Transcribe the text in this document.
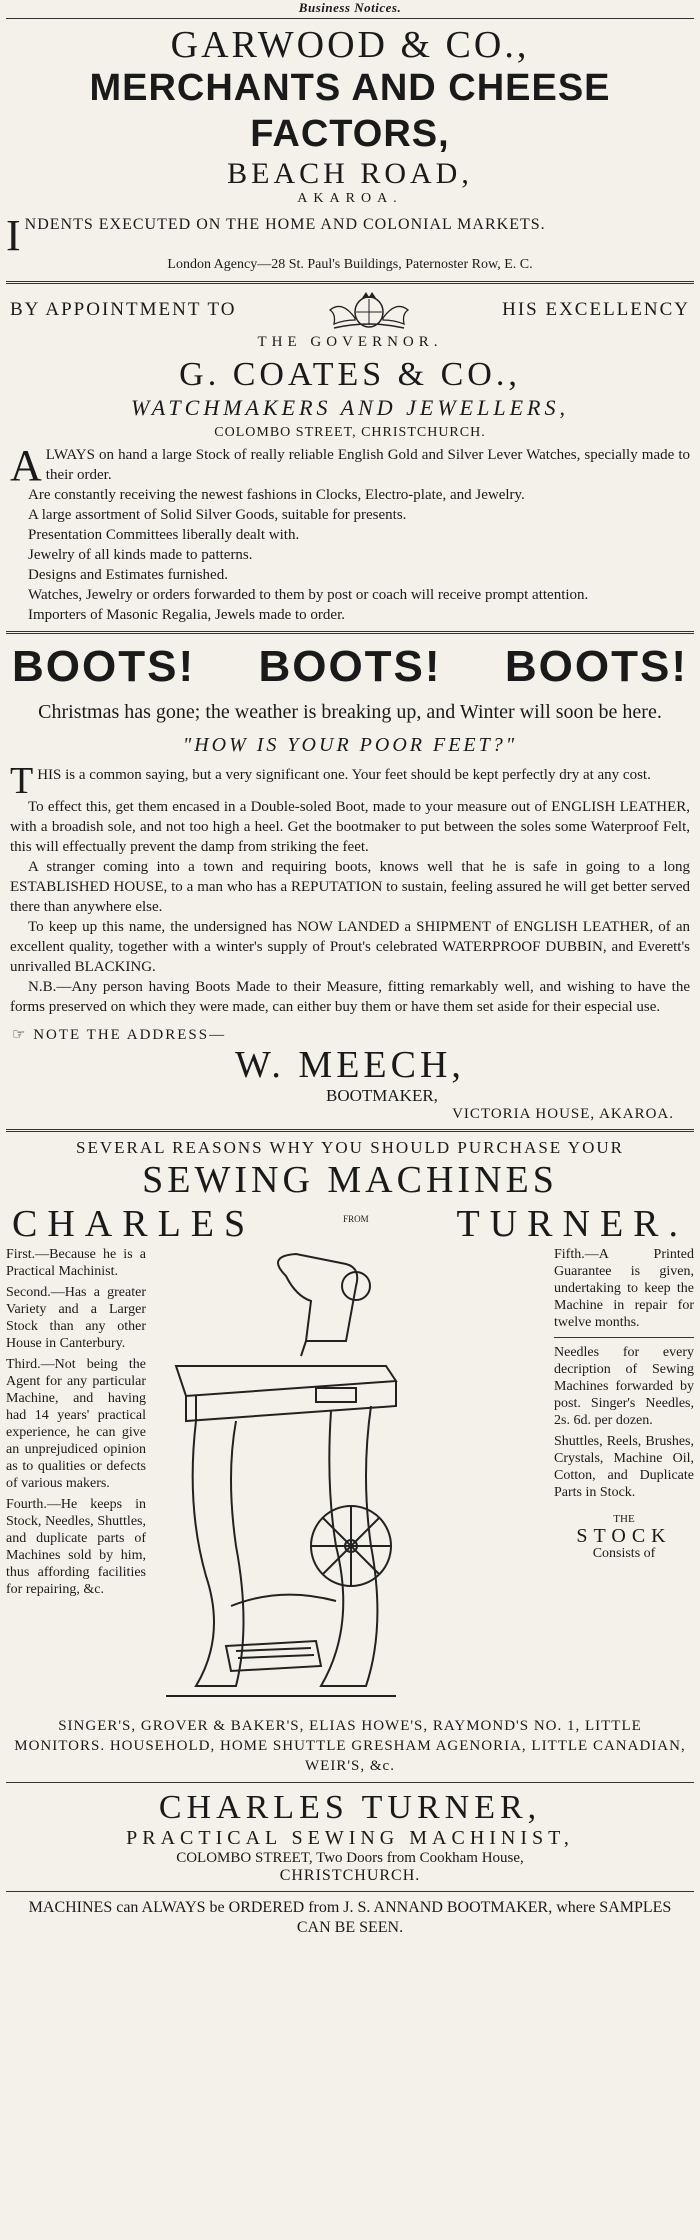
Business Notices.
GARWOOD & CO.,
MERCHANTS AND CHEESE FACTORS,
BEACH ROAD,
AKAROA.
I NDENTS EXECUTED ON THE HOME AND COLONIAL MARKETS.

London Agency—28 St. Paul's Buildings, Paternoster Row, E. C.

BY APPOINTMENT TO	HIS EXCELLENCY
THE GOVERNOR.
G. COATES & CO.,
WATCHMAKERS AND JEWELLERS,
COLOMBO STREET, CHRISTCHURCH.
A LWAYS on hand a large Stock of really reliable English Gold and Silver Lever Watches, specially made to their order.

Are constantly receiving the newest fashions in Clocks, Electro-plate, and Jewelry.

A large assortment of Solid Silver Goods, suitable for presents.

Presentation Committees liberally dealt with.

Jewelry of all kinds made to patterns.

Designs and Estimates furnished.

Watches, Jewelry or orders forwarded to them by post or coach will receive prompt attention.

Importers of Masonic Regalia, Jewels made to order.

BOOTS! BOOTS! BOOTS!

Christmas has gone; the weather is breaking up, and Winter will soon be here.

"HOW IS YOUR POOR FEET?"
T HIS is a common saying, but a very significant one. Your feet should be kept perfectly dry at any cost.

To effect this, get them encased in a Double-soled Boot, made to your measure out of ENGLISH LEATHER, with a broadish sole, and not too high a heel. Get the bootmaker to put between the soles some Waterproof Felt, this will effectually prevent the damp from striking the feet.

A stranger coming into a town and requiring boots, knows well that he is safe in going to a long ESTABLISHED HOUSE, to a man who has a REPUTATION to sustain, feeling assured he will get better served there than anywhere else.

To keep up this name, the undersigned has NOW LANDED a SHIPMENT of ENGLISH LEATHER, of an excellent quality, together with a winter's supply of Prout's celebrated WATERPROOF DUBBIN, and Everett's unrivalled BLACKING.

N.B.—Any person having Boots Made to their Measure, fitting remarkably well, and wishing to have the forms preserved on which they were made, can either buy them or have them set aside for their especial use.

☞ NOTE THE ADDRESS—
W. MEECH,
BOOTMAKER,
VICTORIA HOUSE, AKAROA.
SEVERAL REASONS WHY YOU SHOULD PURCHASE YOUR
SEWING MACHINES
CHARLES	FROM TURNER.

First.—Because he is a Practical Machinist.

Second.—Has a greater Variety and a Larger Stock than any other House in Canterbury.

Third.—Not being the Agent for any particular Machine, and having had 14 years' practical experience, he can give an unprejudiced opinion as to qualities or defects of various makers.

Fourth.—He keeps in Stock, Needles, Shuttles, and duplicate parts of Machines sold by him, thus affording facilities for repairing, &c.

Fifth.—A Printed Guarantee is given, undertaking to keep the Machine in repair for twelve months.

Needles for every decription of Sewing Machines forwarded by post. Singer's Needles, 2s. 6d. per dozen.

Shuttles, Reels, Brushes, Crystals, Machine Oil, Cotton, and Duplicate Parts in Stock.

THE
STOCK
Consists of

SINGER'S, GROVER & BAKER'S, ELIAS HOWE'S, RAYMOND'S NO. 1, LITTLE MONITORS. HOUSEHOLD, HOME SHUTTLE GRESHAM AGENORIA, LITTLE CANADIAN, WEIR'S, &c.

CHARLES TURNER,
PRACTICAL SEWING MACHINIST,
COLOMBO STREET, Two Doors from Cookham House,
CHRISTCHURCH.

MACHINES can ALWAYS be ORDERED from J. S. ANNAND BOOTMAKER, where SAMPLES CAN BE SEEN.
